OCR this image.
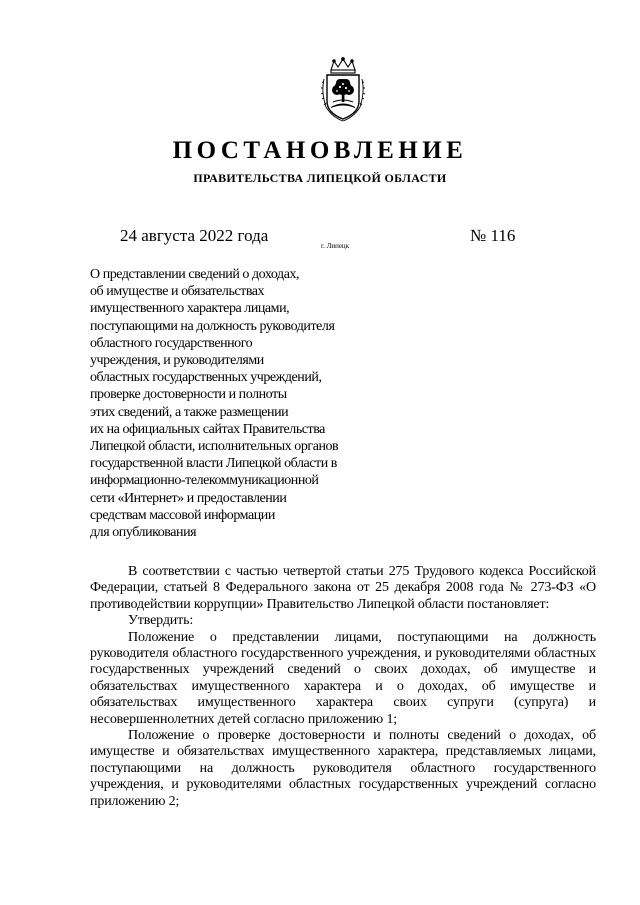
ПОСТАНОВЛЕНИЕ
ПРАВИТЕЛЬСТВА ЛИПЕЦКОЙ ОБЛАСТИ
24 августа 2022 года
г. Липецк
№ 116
О представлении сведений о доходах,
об имуществе и обязательствах
имущественного характера лицами,
поступающими на должность руководителя
областного государственного
учреждения, и руководителями
областных государственных учреждений,
проверке достоверности и полноты
этих сведений, а также размещении
их на официальных сайтах Правительства
Липецкой области, исполнительных органов
государственной власти Липецкой области в
информационно-телекоммуникационной
сети «Интернет» и предоставлении
средствам массовой информации
для опубликования

В соответствии с частью четвертой статьи 275 Трудового кодекса Российской Федерации, статьей 8 Федерального закона от 25 декабря 2008 года № 273-ФЗ «О противодействии коррупции» Правительство Липецкой области постановляет:

Утвердить:

Положение о представлении лицами, поступающими на должность руководителя областного государственного учреждения, и руководителями областных государственных учреждений сведений о своих доходах, об имуществе и обязательствах имущественного характера и о доходах, об имуществе и обязательствах имущественного характера своих супруги (супруга) и несовершеннолетних детей согласно приложению 1;

Положение о проверке достоверности и полноты сведений о доходах, об имуществе и обязательствах имущественного характера, представляемых лицами, поступающими на должность руководителя областного государственного учреждения, и руководителями областных государственных учреждений согласно приложению 2;
